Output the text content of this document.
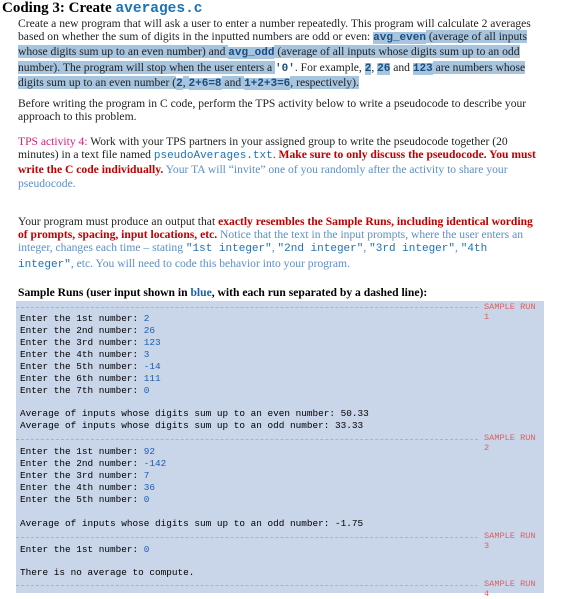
Coding 3: Create averages.c
Create a new program that will ask a user to enter a number repeatedly. This program will calculate 2 averages based on whether the sum of digits in the inputted numbers are odd or even: avg_even (average of all inputs whose digits sum up to an even number) and avg_odd (average of all inputs whose digits sum up to an odd number). The program will stop when the user enters a '0'. For example, 2, 26 and 123 are numbers whose digits sum up to an even number (2, 2+6=8 and 1+2+3=6, respectively).
Before writing the program in C code, perform the TPS activity below to write a pseudocode to describe your approach to this problem.
TPS activity 4: Work with your TPS partners in your assigned group to write the pseudocode together (20 minutes) in a text file named pseudoAverages.txt. Make sure to only discuss the pseudocode. You must write the C code individually. Your TA will “invite” one of you randomly after the activity to share your pseudocode.
Your program must produce an output that exactly resembles the Sample Runs, including identical wording of prompts, spacing, input locations, etc. Notice that the text in the input prompts, where the user enters an integer, changes each time – stating "1st integer", "2nd integer", "3rd integer", "4th integer", etc. You will need to code this behavior into your program.
Sample Runs (user input shown in blue, with each run separated by a dashed line):
SAMPLE RUN 1
Enter the 1st number: 2
Enter the 2nd number: 26
Enter the 3rd number: 123
Enter the 4th number: 3
Enter the 5th number: -14
Enter the 6th number: 111
Enter the 7th number: 0
Average of inputs whose digits sum up to an even number: 50.33
Average of inputs whose digits sum up to an odd number: 33.33
SAMPLE RUN 2
Enter the 1st number: 92
Enter the 2nd number: -142
Enter the 3rd number: 7
Enter the 4th number: 36
Enter the 5th number: 0
Average of inputs whose digits sum up to an odd number: -1.75
SAMPLE RUN 3
Enter the 1st number: 0
There is no average to compute.
SAMPLE RUN 4
